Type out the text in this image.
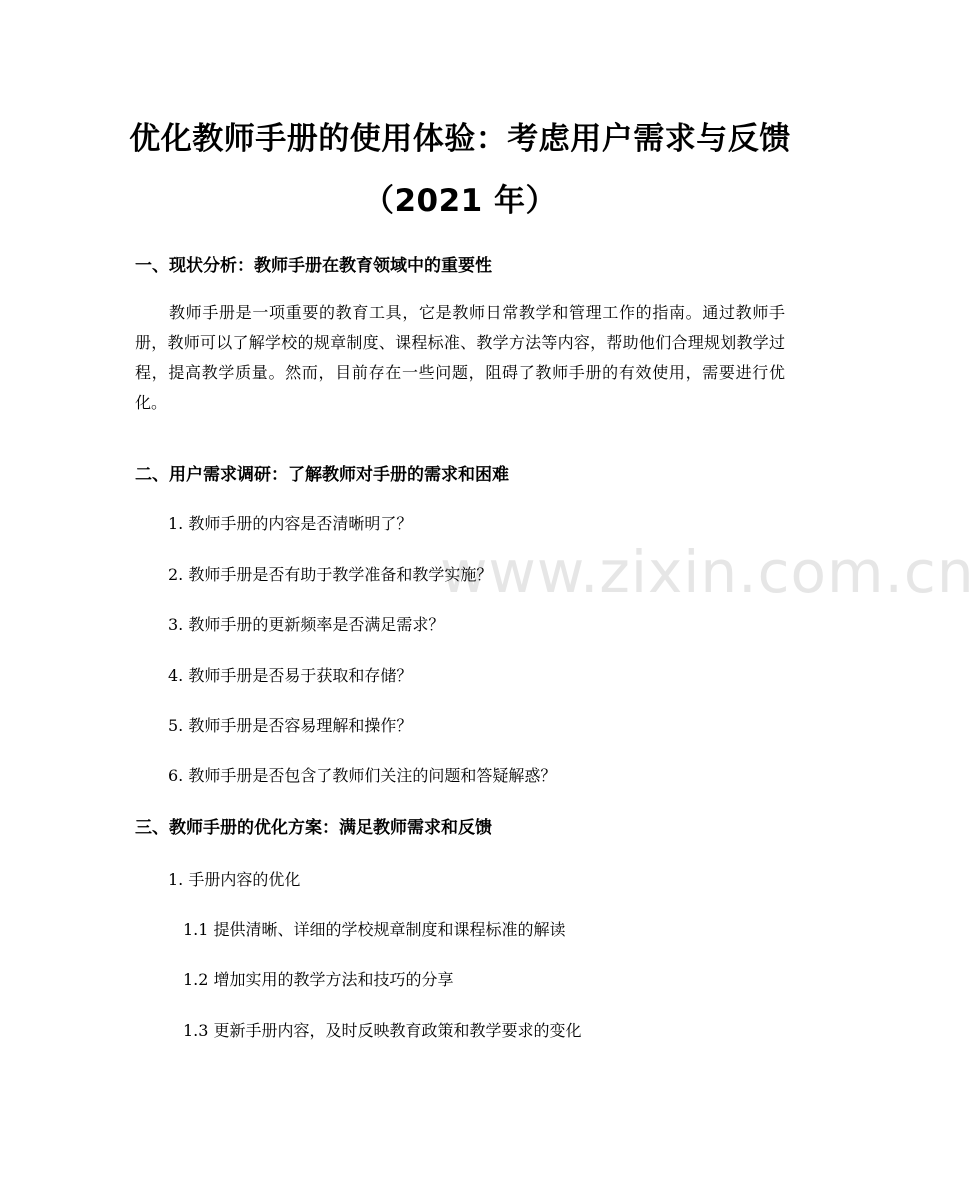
www.zixin.com.cn
优化教师手册的使用体验：考虑用户需求与反馈（2021 年）
一、现状分析：教师手册在教育领域中的重要性

教师手册是一项重要的教育工具，它是教师日常教学和管理工作的指南。通过教师手册，教师可以了解学校的规章制度、课程标准、教学方法等内容，帮助他们合理规划教学过程，提高教学质量。然而，目前存在一些问题，阻碍了教师手册的有效使用，需要进行优化。

二、用户需求调研：了解教师对手册的需求和困难

1. 教师手册的内容是否清晰明了？

2. 教师手册是否有助于教学准备和教学实施？

3. 教师手册的更新频率是否满足需求？

4. 教师手册是否易于获取和存储？

5. 教师手册是否容易理解和操作？

6. 教师手册是否包含了教师们关注的问题和答疑解惑？

三、教师手册的优化方案：满足教师需求和反馈

1. 手册内容的优化

1.1 提供清晰、详细的学校规章制度和课程标准的解读

1.2 增加实用的教学方法和技巧的分享

1.3 更新手册内容，及时反映教育政策和教学要求的变化
